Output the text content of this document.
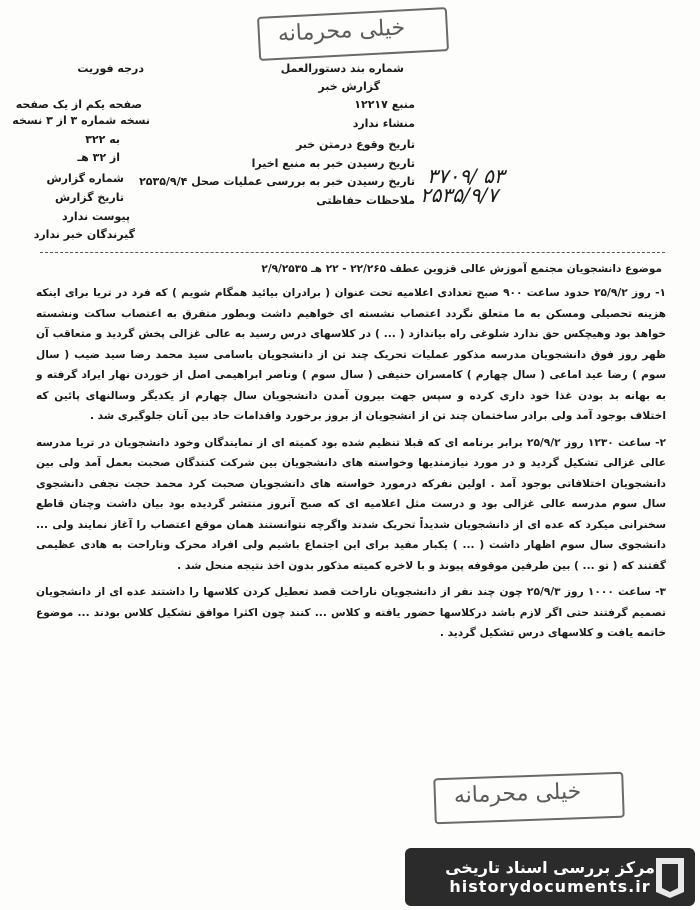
خیلی محرمانه
شماره بند دستورالعمل
گزارش خبر
منبع ۱۲۲۱۷
منشاء ندارد
تاریخ وقوع درمتن خبر
تاریخ رسیدن خبر به منبع اخیرا
تاریخ رسیدن خبر به بررسی عملیات صحل ۲۵۳۵/۹/۴
ملاحظات حفاظتی
درجه فوریت
صفحه یکم از یک صفحه
نسخه شماره ۳ از ۳ نسخه
به ۳۲۲
از ۳۲ هـ
شماره گزارش	۳۷۰۹/ ۵۳
تاریخ گزارش	۲۵۳۵/۹/۷
پیوست ندارد
گیرندگان خبر ندارد
موضوع دانشجویان مجتمع آموزش عالی قزوین عطف ۲۲/۲۶۵ - ۲۲ هـ ۲/۹/۲۵۳۵

۱- روز ۲۵/۹/۲ حدود ساعت ۹۰۰ صبح تعدادی اعلامیه تحت عنوان ( برادران بیائید همگام شویم ) که فرد در تریا برای اینکه هزینه تحصیلی ومسکن به ما متعلق نگردد اعتصاب نشسته ای خواهیم داشت وبطور متفرق به اعتصاب ساکت ونشسته خواهد بود وهیچکس حق ندارد شلوغی راه بیاندازد ( ... ) در کلاسهای درس رسید به عالی غزالی پخش گردید و متعاقب آن ظهر روز فوق دانشجویان مدرسه مذکور عملیات تحریک چند تن از دانشجویان باسامی سید محمد رضا سید ضیب ( سال سوم ) رضا عید اماعی ( سال چهارم ) کامسران حنیفی ( سال سوم ) وناصر ابراهیمی اصل از خوردن نهار ایراد گرفته و به بهانه بد بودن غذا خود داری کرده و سپس جهت بیرون آمدن دانشجویان سال چهارم از یکدیگر وسالنهای پائین که اختلاف بوجود آمد ولی برادر ساختمان چند تن از انشجویان از بروز برخورد واقدامات حاد بین آنان جلوگیری شد .

۲- ساعت ۱۲۳۰ روز ۲۵/۹/۲ برابر برنامه ای که قبلا تنظیم شده بود کمیته ای از نمایندگان وخود دانشجویان در تریا مدرسه عالی غزالی تشکیل گردید و در مورد نیازمندیها وخواسته های دانشجویان بین شرکت کنندگان صحبت بعمل آمد ولی بین دانشجویان اختلافاتی بوجود آمد . اولین نفرکه درمورد خواسته های دانشجویان صحبت کرد محمد حجت نجفی دانشجوی سال سوم مدرسه عالی غزالی بود و درست مثل اعلامیه ای که صبح آنروز منتشر گردیده بود بیان داشت وچنان قاطع سخنرانی میکرد که عده ای از دانشجویان شدیداً تحریک شدند واگرچه نتوانستند همان موقع اعتصاب را آغاز نمایند ولی ... دانشجوی سال سوم اظهار داشت ( ... ) یکبار مفید برای این اجتماع باشیم ولی افراد محرک وناراحت به هادی عظیمی گفتند که ( تو ... ) بین طرفین موقوفه پیوند و با لاخره کمیته مذکور بدون اخذ نتیجه منحل شد .

۳- ساعت ۱۰۰۰ روز ۲۵/۹/۳ چون چند نفر از دانشجویان ناراحت قصد تعطیل کردن کلاسها را داشتند عده ای از دانشجویان تصمیم گرفتند حتی اگر لازم باشد درکلاسها حضور یافته و کلاس ... کنند چون اکثرا موافق تشکیل کلاس بودند ... موضوع خاتمه یافت و کلاسهای درس تشکیل گردید .

خیلی محرمانه
مرکز بررسی اسناد تاریخی
historydocuments.ir
